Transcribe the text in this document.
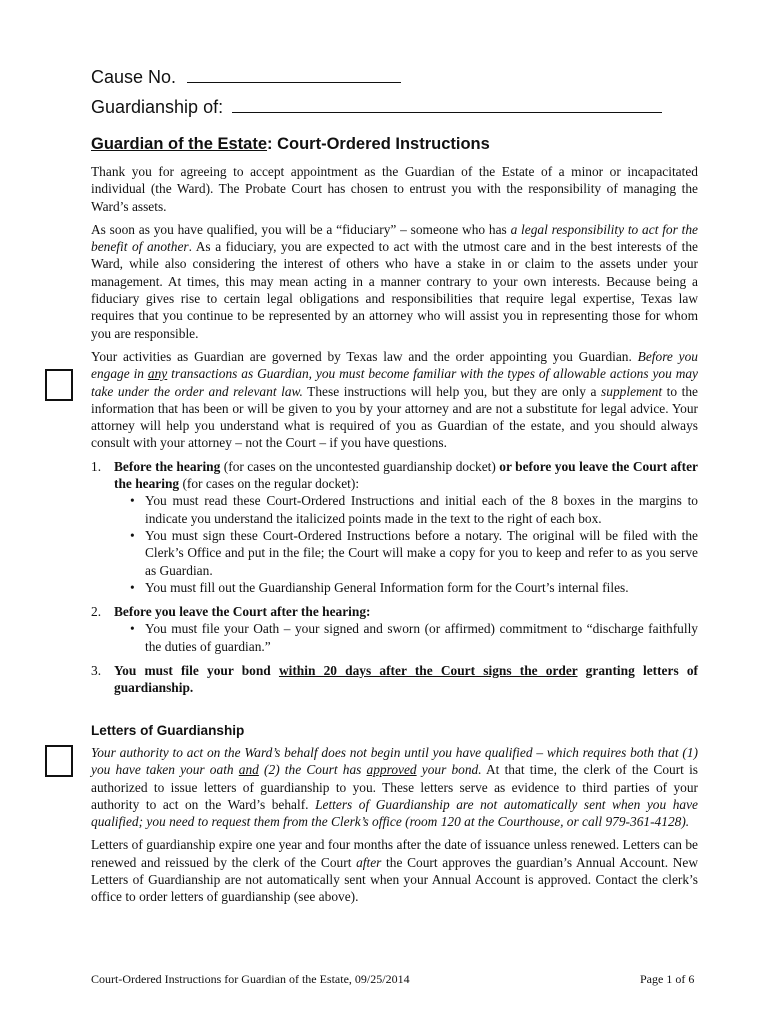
Cause No.
Guardianship of:
Guardian of the Estate: Court-Ordered Instructions

Thank you for agreeing to accept appointment as the Guardian of the Estate of a minor or incapacitated individual (the Ward). The Probate Court has chosen to entrust you with the responsibility of managing the Ward’s assets.

As soon as you have qualified, you will be a “fiduciary” – someone who has a legal responsibility to act for the benefit of another. As a fiduciary, you are expected to act with the utmost care and in the best interests of the Ward, while also considering the interest of others who have a stake in or claim to the assets under your management. At times, this may mean acting in a manner contrary to your own interests. Because being a fiduciary gives rise to certain legal obligations and responsibilities that require legal expertise, Texas law requires that you continue to be represented by an attorney who will assist you in representing those for whom you are responsible.

Your activities as Guardian are governed by Texas law and the order appointing you Guardian. Before you engage in any transactions as Guardian, you must become familiar with the types of allowable actions you may take under the order and relevant law. These instructions will help you, but they are only a supplement to the information that has been or will be given to you by your attorney and are not a substitute for legal advice. Your attorney will help you understand what is required of you as Guardian of the estate, and you should always consult with your attorney – not the Court – if you have questions.

1. Before the hearing (for cases on the uncontested guardianship docket) or before you leave the Court after the hearing (for cases on the regular docket):
• You must read these Court-Ordered Instructions and initial each of the 8 boxes in the margins to indicate you understand the italicized points made in the text to the right of each box.
• You must sign these Court-Ordered Instructions before a notary. The original will be filed with the Clerk’s Office and put in the file; the Court will make a copy for you to keep and refer to as you serve as Guardian.
• You must fill out the Guardianship General Information form for the Court’s internal files.
2. Before you leave the Court after the hearing:
• You must file your Oath – your signed and sworn (or affirmed) commitment to “discharge faithfully the duties of guardian.”
3. You must file your bond within 20 days after the Court signs the order granting letters of guardianship.
Letters of Guardianship

Your authority to act on the Ward’s behalf does not begin until you have qualified – which requires both that (1) you have taken your oath and (2) the Court has approved your bond. At that time, the clerk of the Court is authorized to issue letters of guardianship to you. These letters serve as evidence to third parties of your authority to act on the Ward’s behalf. Letters of Guardianship are not automatically sent when you have qualified; you need to request them from the Clerk’s office (room 120 at the Courthouse, or call 979-361-4128).

Letters of guardianship expire one year and four months after the date of issuance unless renewed. Letters can be renewed and reissued by the clerk of the Court after the Court approves the guardian’s Annual Account. New Letters of Guardianship are not automatically sent when your Annual Account is approved. Contact the clerk’s office to order letters of guardianship (see above).

Court-Ordered Instructions for Guardian of the Estate, 09/25/2014	Page 1 of 6
